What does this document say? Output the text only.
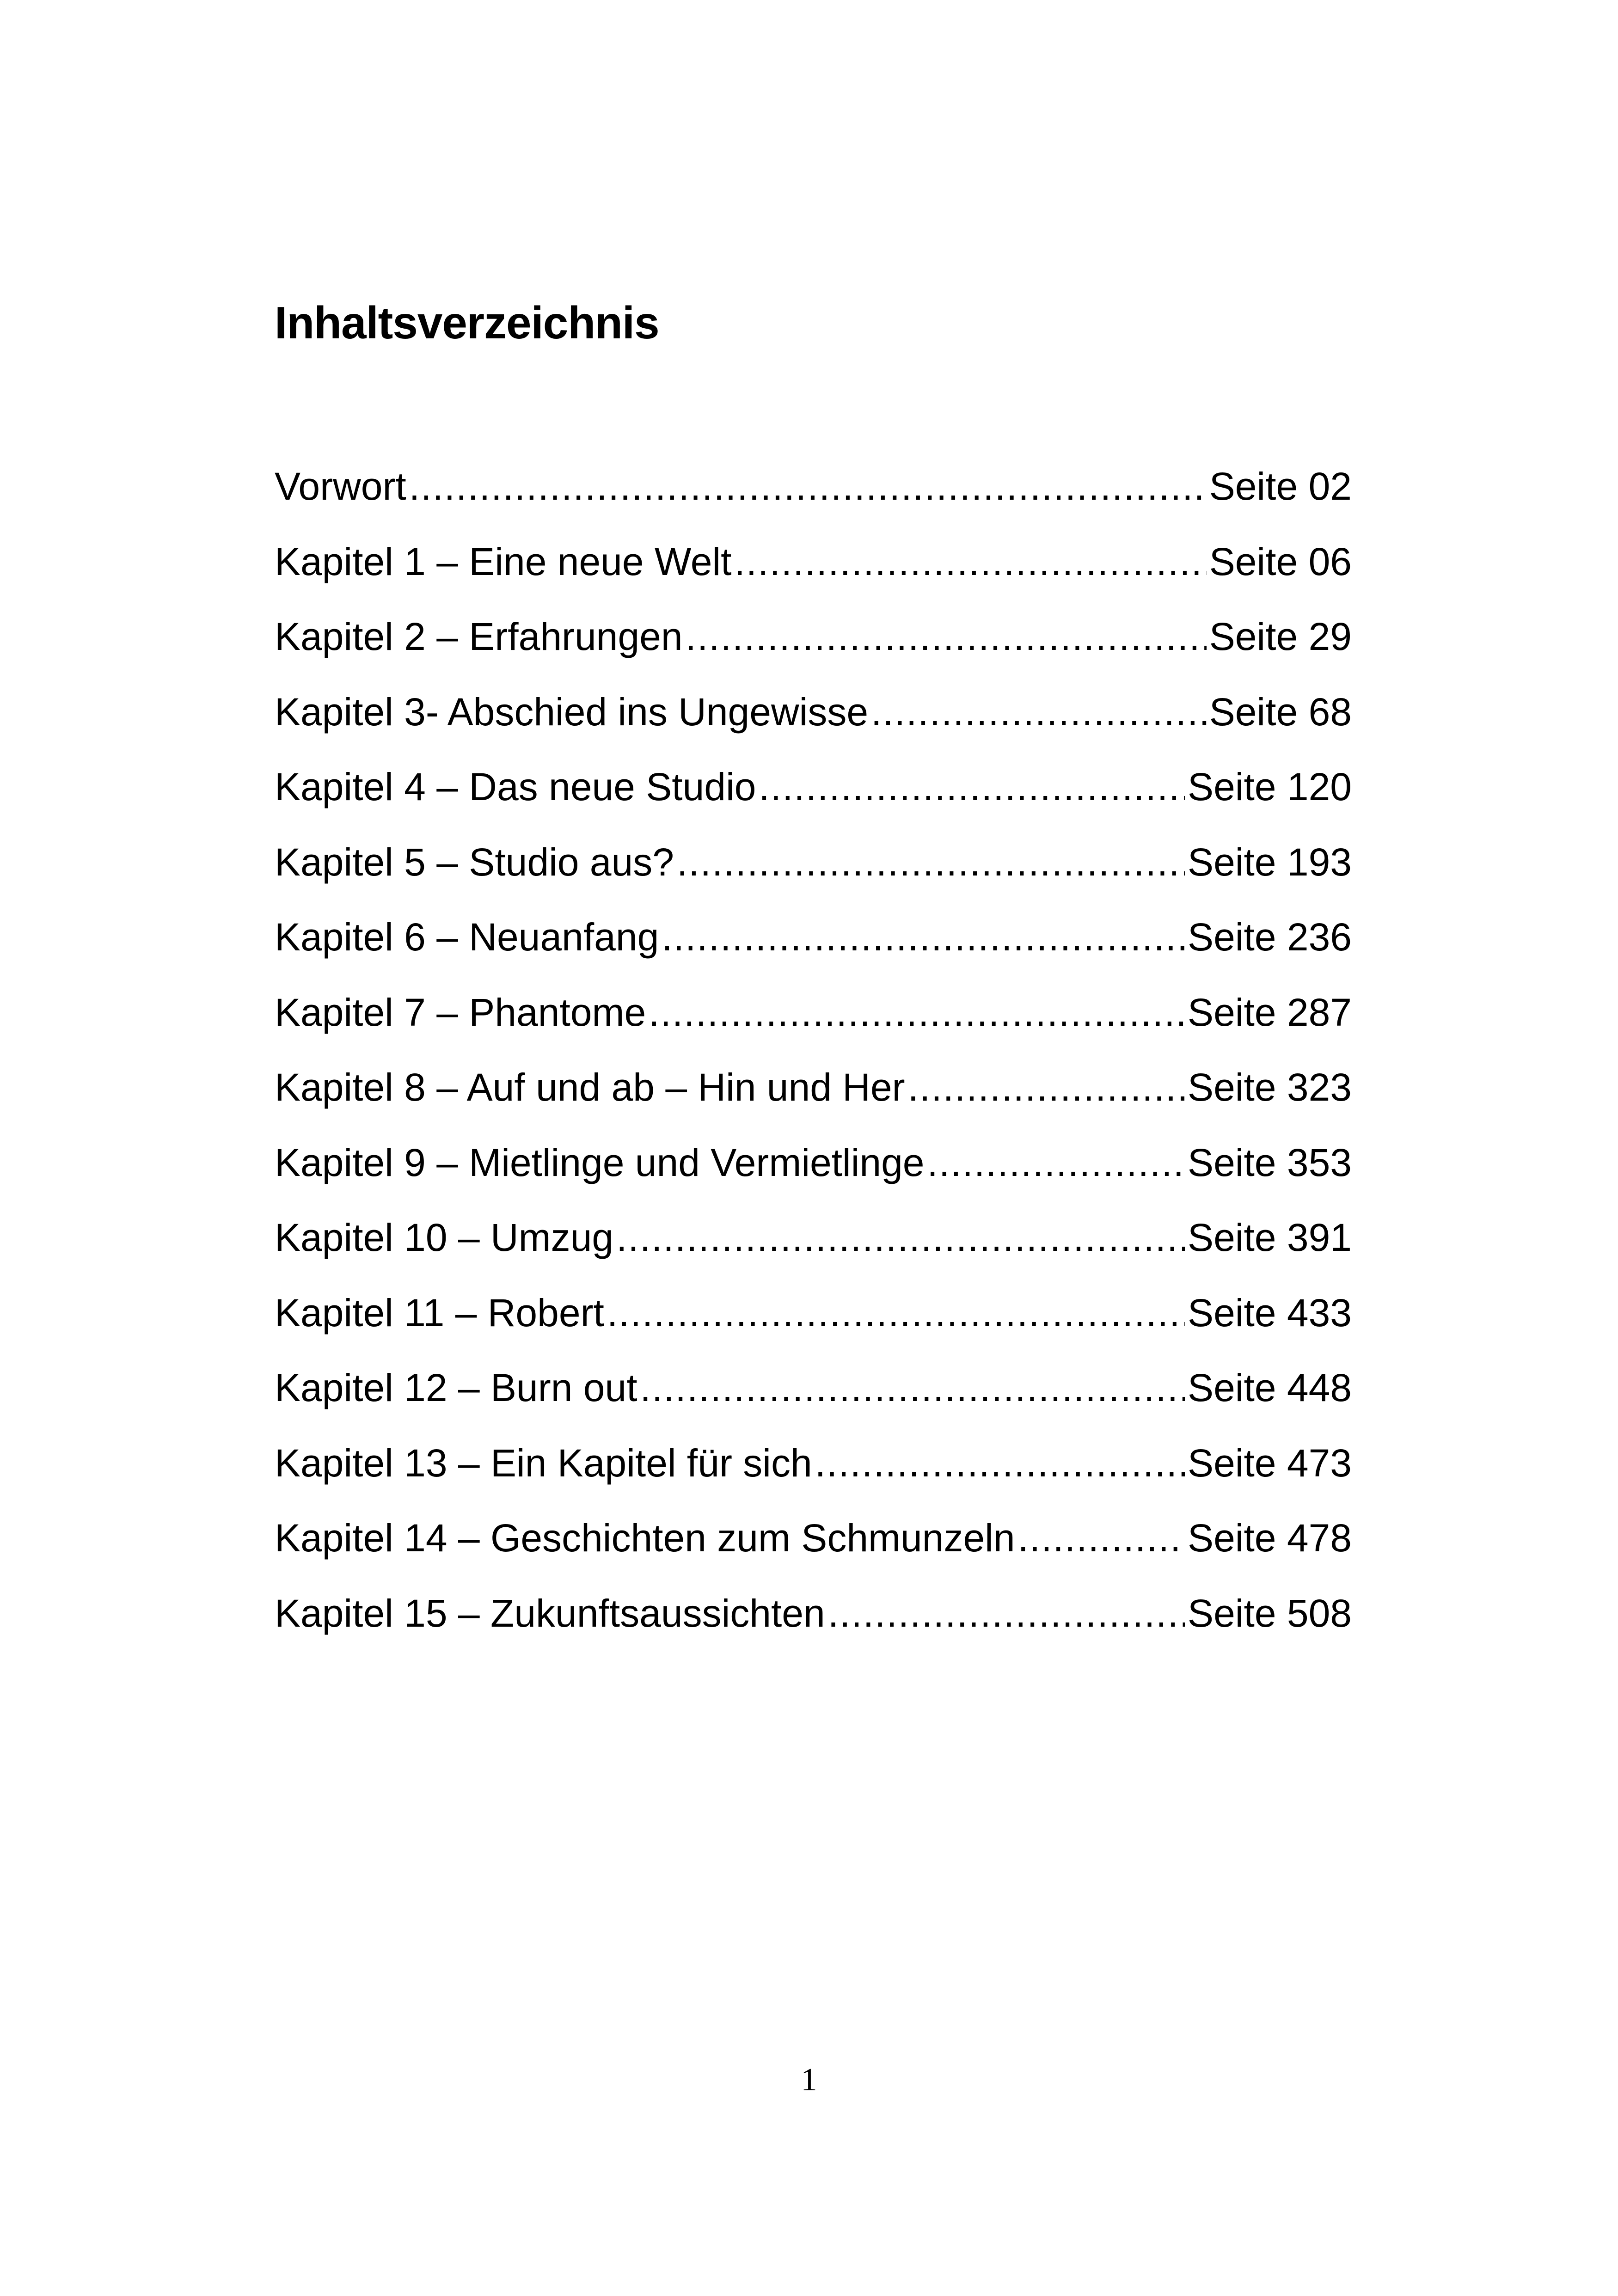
Inhaltsverzeichnis
Vorwort .....	Seite 02
Kapitel 1 – Eine neue Welt .....	Seite 06
Kapitel 2 – Erfahrungen .....	Seite 29
Kapitel 3- Abschied ins Ungewisse .....	Seite 68
Kapitel 4 – Das neue Studio .....	Seite 120
Kapitel 5 – Studio aus? .....	Seite 193
Kapitel 6 – Neuanfang .....	Seite 236
Kapitel 7 – Phantome .....	Seite 287
Kapitel 8 – Auf und ab – Hin und Her .....	Seite 323
Kapitel 9 – Mietlinge und Vermietlinge .....	Seite 353
Kapitel 10 – Umzug .....	Seite 391
Kapitel 11 – Robert .....	Seite 433
Kapitel 12 – Burn out .....	Seite 448
Kapitel 13 – Ein Kapitel für sich .....	Seite 473
Kapitel 14 – Geschichten zum Schmunzeln .....	Seite 478
Kapitel 15 – Zukunftsaussichten .....	Seite 508
1
